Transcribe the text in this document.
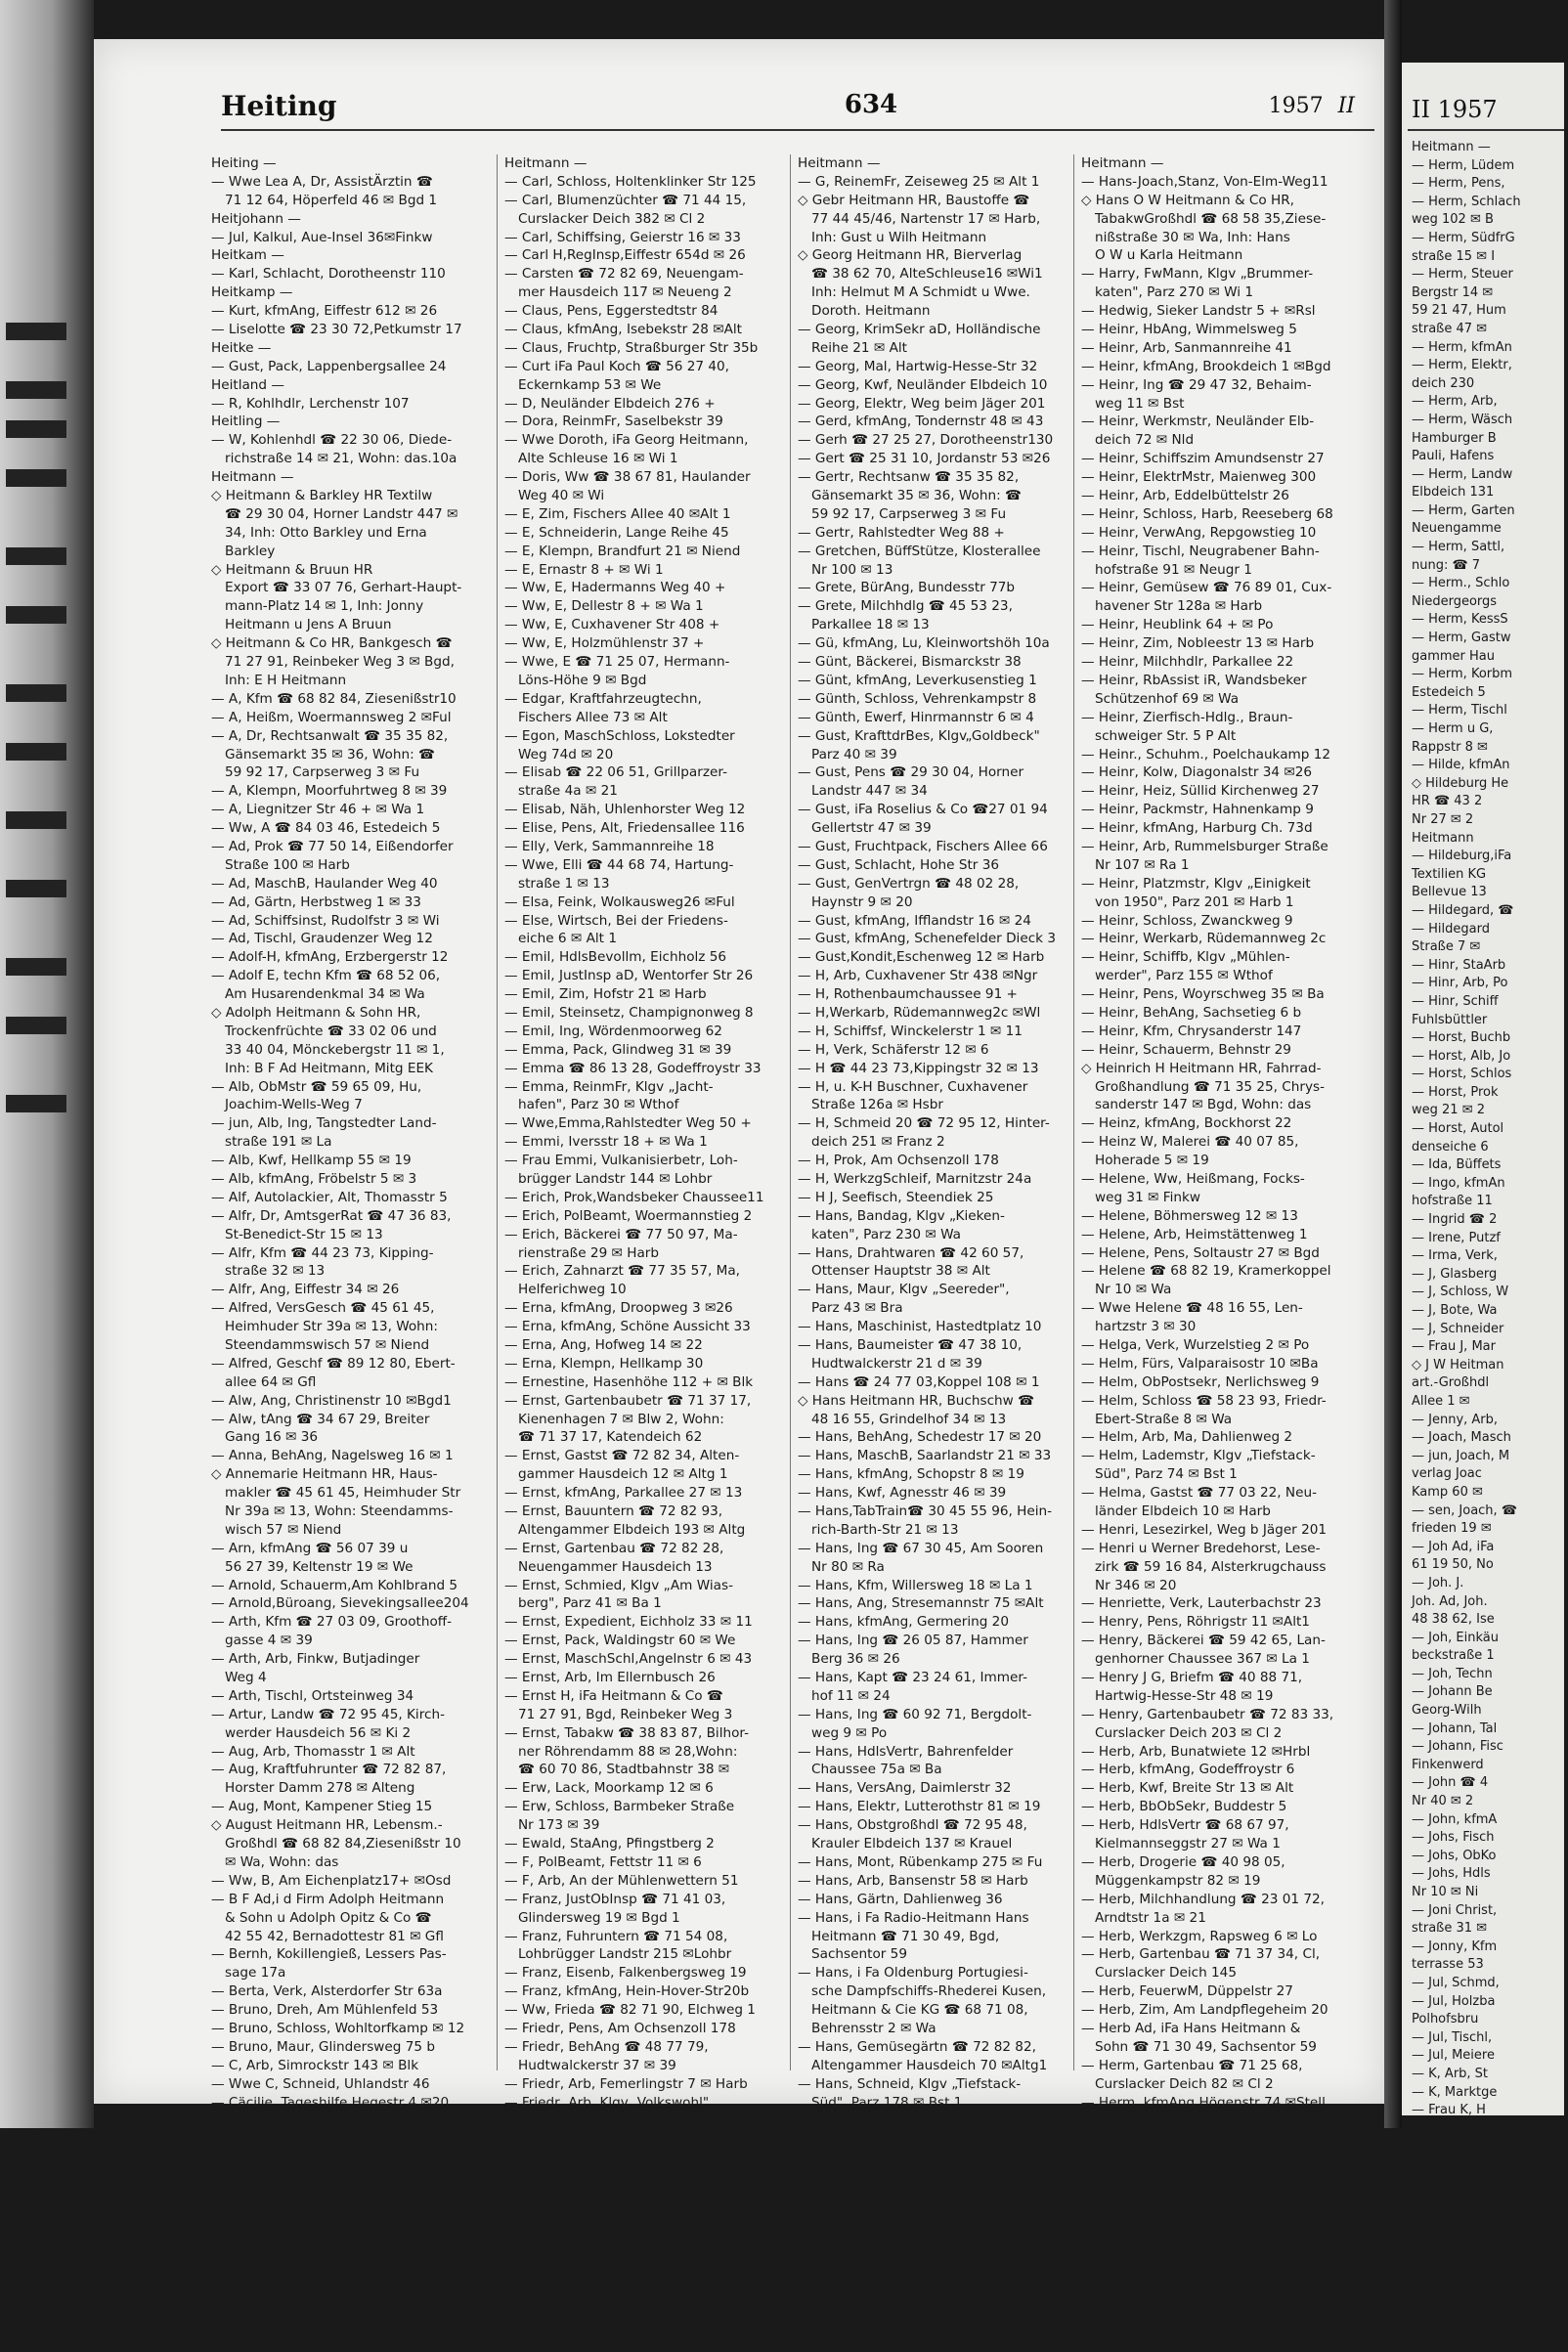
Heiting	634	1957 II
Heiting —
— Wwe Lea A, Dr, AssistÄrztin ☎
71 12 64, Höperfeld 46 ✉ Bgd 1
Heitjohann —
— Jul, Kalkul, Aue-Insel 36✉Finkw
Heitkam —
— Karl, Schlacht, Dorotheenstr 110
Heitkamp —
— Kurt, kfmAng, Eiffestr 612 ✉ 26
— Liselotte ☎ 23 30 72,Petkumstr 17
Heitke —
— Gust, Pack, Lappenbergsallee 24
Heitland —
— R, Kohlhdlr, Lerchenstr 107
Heitling —
— W, Kohlenhdl ☎ 22 30 06, Diede-
richstraße 14 ✉ 21, Wohn: das.10a
Heitmann —
◇ Heitmann & Barkley HR Textilw
☎ 29 30 04, Horner Landstr 447 ✉
34, Inh: Otto Barkley und Erna
Barkley
◇ Heitmann & Bruun HR
Export ☎ 33 07 76, Gerhart-Haupt-
mann-Platz 14 ✉ 1, Inh: Jonny
Heitmann u Jens A Bruun
◇ Heitmann & Co HR, Bankgesch ☎
71 27 91, Reinbeker Weg 3 ✉ Bgd,
Inh: E H Heitmann
— A, Kfm ☎ 68 82 84, Ziesenißstr10
— A, Heißm, Woermannsweg 2 ✉Ful
— A, Dr, Rechtsanwalt ☎ 35 35 82,
Gänsemarkt 35 ✉ 36, Wohn: ☎
59 92 17, Carpserweg 3 ✉ Fu
— A, Klempn, Moorfuhrtweg 8 ✉ 39
— A, Liegnitzer Str 46 + ✉ Wa 1
— Ww, A ☎ 84 03 46, Estedeich 5
— Ad, Prok ☎ 77 50 14, Eißendorfer
Straße 100 ✉ Harb
— Ad, MaschB, Haulander Weg 40
— Ad, Gärtn, Herbstweg 1 ✉ 33
— Ad, Schiffsinst, Rudolfstr 3 ✉ Wi
— Ad, Tischl, Graudenzer Weg 12
— Adolf-H, kfmAng, Erzbergerstr 12
— Adolf E, techn Kfm ☎ 68 52 06,
Am Husarendenkmal 34 ✉ Wa
◇ Adolph Heitmann & Sohn HR,
Trockenfrüchte ☎ 33 02 06 und
33 40 04, Mönckebergstr 11 ✉ 1,
Inh: B F Ad Heitmann, Mitg EEK
— Alb, ObMstr ☎ 59 65 09, Hu,
Joachim-Wells-Weg 7
— jun, Alb, Ing, Tangstedter Land-
straße 191 ✉ La
— Alb, Kwf, Hellkamp 55 ✉ 19
— Alb, kfmAng, Fröbelstr 5 ✉ 3
— Alf, Autolackier, Alt, Thomasstr 5
— Alfr, Dr, AmtsgerRat ☎ 47 36 83,
St-Benedict-Str 15 ✉ 13
— Alfr, Kfm ☎ 44 23 73, Kipping-
straße 32 ✉ 13
— Alfr, Ang, Eiffestr 34 ✉ 26
— Alfred, VersGesch ☎ 45 61 45,
Heimhuder Str 39a ✉ 13, Wohn:
Steendammswisch 57 ✉ Niend
— Alfred, Geschf ☎ 89 12 80, Ebert-
allee 64 ✉ Gfl
— Alw, Ang, Christinenstr 10 ✉Bgd1
— Alw, tAng ☎ 34 67 29, Breiter
Gang 16 ✉ 36
— Anna, BehAng, Nagelsweg 16 ✉ 1
◇ Annemarie Heitmann HR, Haus-
makler ☎ 45 61 45, Heimhuder Str
Nr 39a ✉ 13, Wohn: Steendamms-
wisch 57 ✉ Niend
— Arn, kfmAng ☎ 56 07 39 u
56 27 39, Keltenstr 19 ✉ We
— Arnold, Schauerm,Am Kohlbrand 5
— Arnold,Büroang, Sievekingsallee204
— Arth, Kfm ☎ 27 03 09, Groothoff-
gasse 4 ✉ 39
— Arth, Arb, Finkw, Butjadinger
Weg 4
— Arth, Tischl, Ortsteinweg 34
— Artur, Landw ☎ 72 95 45, Kirch-
werder Hausdeich 56 ✉ Ki 2
— Aug, Arb, Thomasstr 1 ✉ Alt
— Aug, Kraftfuhrunter ☎ 72 82 87,
Horster Damm 278 ✉ Alteng
— Aug, Mont, Kampener Stieg 15
◇ August Heitmann HR, Lebensm.-
Großhdl ☎ 68 82 84,Ziesenißstr 10
✉ Wa, Wohn: das
— Ww, B, Am Eichenplatz17+ ✉Osd
— B F Ad,i d Firm Adolph Heitmann
& Sohn u Adolph Opitz & Co ☎
42 55 42, Bernadottestr 81 ✉ Gfl
— Bernh, Kokillengieß, Lessers Pas-
sage 17a
— Berta, Verk, Alsterdorfer Str 63a
— Bruno, Dreh, Am Mühlenfeld 53
— Bruno, Schloss, Wohltorfkamp ✉ 12
— Bruno, Maur, Glindersweg 75 b
— C, Arb, Simrockstr 143 ✉ Blk
— Wwe C, Schneid, Uhlandstr 46
— Cäcilie, Tageshilfe,Heqestr 4 ✉20
— Cäcilie, Arb, Lassallestr 2 ✉ Harb
— Caesar ☎ 86 33 76, Blankeneser
Hauptstr 57 ✉ Blk
— Carl, kfmAng ☎ 27 03 41,Wiesen-
damm 156 ✉ 39
— Carl, Schlacht. Großheidestr 26
— Carl, Kelln, Lutterothstr 99 ✉ 19
— Carl, Klempnermstr ☎ 22 19 68,
Erlenkamp 10 ✉ 22
— jun, Carl, tAng, Großheidestr 26
— Carl, Straßbahnang, Hellbrookstr 17
Heitmann —
— Carl, Schloss, Holtenklinker Str 125
— Carl, Blumenzüchter ☎ 71 44 15,
Curslacker Deich 382 ✉ Cl 2
— Carl, Schiffsing, Geierstr 16 ✉ 33
— Carl H,RegInsp,Eiffestr 654d ✉ 26
— Carsten ☎ 72 82 69, Neuengam-
mer Hausdeich 117 ✉ Neueng 2
— Claus, Pens, Eggerstedtstr 84
— Claus, kfmAng, Isebekstr 28 ✉Alt
— Claus, Fruchtp, Straßburger Str 35b
— Curt iFa Paul Koch ☎ 56 27 40,
Eckernkamp 53 ✉ We
— D, Neuländer Elbdeich 276 +
— Dora, ReinmFr, Saselbekstr 39
— Wwe Doroth, iFa Georg Heitmann,
Alte Schleuse 16 ✉ Wi 1
— Doris, Ww ☎ 38 67 81, Haulander
Weg 40 ✉ Wi
— E, Zim, Fischers Allee 40 ✉Alt 1
— E, Schneiderin, Lange Reihe 45
— E, Klempn, Brandfurt 21 ✉ Niend
— E, Ernastr 8 + ✉ Wi 1
— Ww, E, Hadermanns Weg 40 +
— Ww, E, Dellestr 8 + ✉ Wa 1
— Ww, E, Cuxhavener Str 408 +
— Ww, E, Holzmühlenstr 37 +
— Wwe, E ☎ 71 25 07, Hermann-
Löns-Höhe 9 ✉ Bgd
— Edgar, Kraftfahrzeugtechn,
Fischers Allee 73 ✉ Alt
— Egon, MaschSchloss, Lokstedter
Weg 74d ✉ 20
— Elisab ☎ 22 06 51, Grillparzer-
straße 4a ✉ 21
— Elisab, Näh, Uhlenhorster Weg 12
— Elise, Pens, Alt, Friedensallee 116
— Elly, Verk, Sammannreihe 18
— Wwe, Elli ☎ 44 68 74, Hartung-
straße 1 ✉ 13
— Elsa, Feink, Wolkausweg26 ✉Ful
— Else, Wirtsch, Bei der Friedens-
eiche 6 ✉ Alt 1
— Emil, HdlsBevollm, Eichholz 56
— Emil, JustInsp aD, Wentorfer Str 26
— Emil, Zim, Hofstr 21 ✉ Harb
— Emil, Steinsetz, Champignonweg 8
— Emil, Ing, Wördenmoorweg 62
— Emma, Pack, Glindweg 31 ✉ 39
— Emma ☎ 86 13 28, Godeffroystr 33
— Emma, ReinmFr, Klgv „Jacht-
hafen", Parz 30 ✉ Wthof
— Wwe,Emma,Rahlstedter Weg 50 +
— Emmi, Iversstr 18 + ✉ Wa 1
— Frau Emmi, Vulkanisierbetr, Loh-
brügger Landstr 144 ✉ Lohbr
— Erich, Prok,Wandsbeker Chaussee11
— Erich, PolBeamt, Woermannstieg 2
— Erich, Bäckerei ☎ 77 50 97, Ma-
rienstraße 29 ✉ Harb
— Erich, Zahnarzt ☎ 77 35 57, Ma,
Helferichweg 10
— Erna, kfmAng, Droopweg 3 ✉26
— Erna, kfmAng, Schöne Aussicht 33
— Erna, Ang, Hofweg 14 ✉ 22
— Erna, Klempn, Hellkamp 30
— Ernestine, Hasenhöhe 112 + ✉ Blk
— Ernst, Gartenbaubetr ☎ 71 37 17,
Kienenhagen 7 ✉ Blw 2, Wohn:
☎ 71 37 17, Katendeich 62
— Ernst, Gastst ☎ 72 82 34, Alten-
gammer Hausdeich 12 ✉ Altg 1
— Ernst, kfmAng, Parkallee 27 ✉ 13
— Ernst, Bauuntern ☎ 72 82 93,
Altengammer Elbdeich 193 ✉ Altg
— Ernst, Gartenbau ☎ 72 82 28,
Neuengammer Hausdeich 13
— Ernst, Schmied, Klgv „Am Wias-
berg", Parz 41 ✉ Ba 1
— Ernst, Expedient, Eichholz 33 ✉ 11
— Ernst, Pack, Waldingstr 60 ✉ We
— Ernst, MaschSchl,Angelnstr 6 ✉ 43
— Ernst, Arb, Im Ellernbusch 26
— Ernst H, iFa Heitmann & Co ☎
71 27 91, Bgd, Reinbeker Weg 3
— Ernst, Tabakw ☎ 38 83 87, Bilhor-
ner Röhrendamm 88 ✉ 28,Wohn:
☎ 60 70 86, Stadtbahnstr 38 ✉
— Erw, Lack, Moorkamp 12 ✉ 6
— Erw, Schloss, Barmbeker Straße
Nr 173 ✉ 39
— Ewald, StaAng, Pfingstberg 2
— F, PolBeamt, Fettstr 11 ✉ 6
— F, Arb, An der Mühlenwettern 51
— Franz, JustObInsp ☎ 71 41 03,
Glindersweg 19 ✉ Bgd 1
— Franz, Fuhruntern ☎ 71 54 08,
Lohbrügger Landstr 215 ✉Lohbr
— Franz, Eisenb, Falkenbergsweg 19
— Franz, kfmAng, Hein-Hover-Str20b
— Ww, Frieda ☎ 82 71 90, Elchweg 1
— Friedr, Pens, Am Ochsenzoll 178
— Friedr, BehAng ☎ 48 77 79,
Hudtwalckerstr 37 ✉ 39
— Friedr, Arb, Femerlingstr 7 ✉ Harb
— Friedr, Arb, Klgv „Volkswohl",
Parz 3 ✉ Harb 1
— Friedrich, Dr, Wirtschaftsprüfer☎
32 62 67, Mönckebergstr 18 ✉ 1,
Wohn: ☎ 47 24 35, Willistr 14
— Friedrich-W, Tischl, Nordschles-
wiger Str 56 ✉ 43
— Fritz, kfmAng ☎ 45 18 78, Fröbel-
straße 5 ✉ 13
— Fritz, HöAng, Klgv „Natur-
freunde", Parz 22 ✉ Wa 1
— Fritz, Kaiarb, Sandweg 56
— G, kfmAng, Neuländer Elbdeich
Nr 10 ✉ Nld
Heitmann —
— G, ReinemFr, Zeiseweg 25 ✉ Alt 1
◇ Gebr Heitmann HR, Baustoffe ☎
77 44 45/46, Nartenstr 17 ✉ Harb,
Inh: Gust u Wilh Heitmann
◇ Georg Heitmann HR, Bierverlag
☎ 38 62 70, AlteSchleuse16 ✉Wi1
Inh: Helmut M A Schmidt u Wwe.
Doroth. Heitmann
— Georg, KrimSekr aD, Holländische
Reihe 21 ✉ Alt
— Georg, Mal, Hartwig-Hesse-Str 32
— Georg, Kwf, Neuländer Elbdeich 10
— Georg, Elektr, Weg beim Jäger 201
— Gerd, kfmAng, Tondernstr 48 ✉ 43
— Gerh ☎ 27 25 27, Dorotheenstr130
— Gert ☎ 25 31 10, Jordanstr 53 ✉26
— Gertr, Rechtsanw ☎ 35 35 82,
Gänsemarkt 35 ✉ 36, Wohn: ☎
59 92 17, Carpserweg 3 ✉ Fu
— Gertr, Rahlstedter Weg 88 +
— Gretchen, BüffStütze, Klosterallee
Nr 100 ✉ 13
— Grete, BürAng, Bundesstr 77b
— Grete, Milchhdlg ☎ 45 53 23,
Parkallee 18 ✉ 13
— Gü, kfmAng, Lu, Kleinwortshöh 10a
— Günt, Bäckerei, Bismarckstr 38
— Günt, kfmAng, Leverkusenstieg 1
— Günth, Schloss, Vehrenkampstr 8
— Günth, Ewerf, Hinrmannstr 6 ✉ 4
— Gust, KrafttdrBes, Klgv„Goldbeck"
Parz 40 ✉ 39
— Gust, Pens ☎ 29 30 04, Horner
Landstr 447 ✉ 34
— Gust, iFa Roselius & Co ☎27 01 94
Gellertstr 47 ✉ 39
— Gust, Fruchtpack, Fischers Allee 66
— Gust, Schlacht, Hohe Str 36
— Gust, GenVertrgn ☎ 48 02 28,
Haynstr 9 ✉ 20
— Gust, kfmAng, Ifflandstr 16 ✉ 24
— Gust, kfmAng, Schenefelder Dieck 3
— Gust,Kondit,Eschenweg 12 ✉ Harb
— H, Arb, Cuxhavener Str 438 ✉Ngr
— H, Rothenbaumchaussee 91 +
— H,Werkarb, Rüdemannweg2c ✉Wl
— H, Schiffsf, Winckelerstr 1 ✉ 11
— H, Verk, Schäferstr 12 ✉ 6
— H ☎ 44 23 73,Kippingstr 32 ✉ 13
— H, u. K-H Buschner, Cuxhavener
Straße 126a ✉ Hsbr
— H, Schmeid 20 ☎ 72 95 12, Hinter-
deich 251 ✉ Franz 2
— H, Prok, Am Ochsenzoll 178
— H, WerkzgSchleif, Marnitzstr 24a
— H J, Seefisch, Steendiek 25
— Hans, Bandag, Klgv „Kieken-
katen", Parz 230 ✉ Wa
— Hans, Drahtwaren ☎ 42 60 57,
Ottenser Hauptstr 38 ✉ Alt
— Hans, Maur, Klgv „Seereder",
Parz 43 ✉ Bra
— Hans, Maschinist, Hastedtplatz 10
— Hans, Baumeister ☎ 47 38 10,
Hudtwalckerstr 21 d ✉ 39
— Hans ☎ 24 77 03,Koppel 108 ✉ 1
◇ Hans Heitmann HR, Buchschw ☎
48 16 55, Grindelhof 34 ✉ 13
— Hans, BehAng, Schedestr 17 ✉ 20
— Hans, MaschB, Saarlandstr 21 ✉ 33
— Hans, kfmAng, Schopstr 8 ✉ 19
— Hans, Kwf, Agnesstr 46 ✉ 39
— Hans,TabTrain☎ 30 45 55 96, Hein-
rich-Barth-Str 21 ✉ 13
— Hans, Ing ☎ 67 30 45, Am Sooren
Nr 80 ✉ Ra
— Hans, Kfm, Willersweg 18 ✉ La 1
— Hans, Ang, Stresemannstr 75 ✉Alt
— Hans, kfmAng, Germering 20
— Hans, Ing ☎ 26 05 87, Hammer
Berg 36 ✉ 26
— Hans, Kapt ☎ 23 24 61, Immer-
hof 11 ✉ 24
— Hans, Ing ☎ 60 92 71, Bergdolt-
weg 9 ✉ Po
— Hans, HdlsVertr, Bahrenfelder
Chaussee 75a ✉ Ba
— Hans, VersAng, Daimlerstr 32
— Hans, Elektr, Lutterothstr 81 ✉ 19
— Hans, Obstgroßhdl ☎ 72 95 48,
Krauler Elbdeich 137 ✉ Krauel
— Hans, Mont, Rübenkamp 275 ✉ Fu
— Hans, Arb, Bansenstr 58 ✉ Harb
— Hans, Gärtn, Dahlienweg 36
— Hans, i Fa Radio-Heitmann Hans
Heitmann ☎ 71 30 49, Bgd,
Sachsentor 59
— Hans, i Fa Oldenburg Portugiesi-
sche Dampfschiffs-Rhederei Kusen,
Heitmann & Cie KG ☎ 68 71 08,
Behrensstr 2 ✉ Wa
— Hans, Gemüsegärtn ☎ 72 82 82,
Altengammer Hausdeich 70 ✉Altg1
— Hans, Schneid, Klgv „Tiefstack-
Süd", Parz 178 ✉ Bst 1
◇ Hans Heitmann & Sohn HR, Rund-
funk-Großhdl ☎ 71 30 49, Sach-
sentor 59 ✉ Bgd, Inh: Hans-Günter
Heitmann u Herb Ad Heitmann
— Hans, Arb, Fahrenweg 24
— Hans, Ang, Wittkamp 11
— Hans, Bauhof ☎ 66 74 51,
Ernst-Albers-Str 20 ✉ 26
— Hans-Gerhard, ExpKfm ☎ 59 53 76,
Ratsmühlendamm 26 ✉ Fu
— Hans, Günth, iFa Hans Heitmann
& Sohn ☎ 71 30 49, Sachsentor 59
Heitmann —
— Hans-Joach,Stanz, Von-Elm-Weg11
◇ Hans O W Heitmann & Co HR,
TabakwGroßhdl ☎ 68 58 35,Ziese-
nißstraße 30 ✉ Wa, Inh: Hans
O W u Karla Heitmann
— Harry, FwMann, Klgv „Brummer-
katen", Parz 270 ✉ Wi 1
— Hedwig, Sieker Landstr 5 + ✉Rsl
— Heinr, HbAng, Wimmelsweg 5
— Heinr, Arb, Sanmannreihe 41
— Heinr, kfmAng, Brookdeich 1 ✉Bgd
— Heinr, Ing ☎ 29 47 32, Behaim-
weg 11 ✉ Bst
— Heinr, Werkmstr, Neuländer Elb-
deich 72 ✉ Nld
— Heinr, Schiffszim Amundsenstr 27
— Heinr, ElektrMstr, Maienweg 300
— Heinr, Arb, Eddelbüttelstr 26
— Heinr, Schloss, Harb, Reeseberg 68
— Heinr, VerwAng, Repgowstieg 10
— Heinr, Tischl, Neugrabener Bahn-
hofstraße 91 ✉ Neugr 1
— Heinr, Gemüsew ☎ 76 89 01, Cux-
havener Str 128a ✉ Harb
— Heinr, Heublink 64 + ✉ Po
— Heinr, Zim, Nobleestr 13 ✉ Harb
— Heinr, Milchhdlr, Parkallee 22
— Heinr, RbAssist iR, Wandsbeker
Schützenhof 69 ✉ Wa
— Heinr, Zierfisch-Hdlg., Braun-
schweiger Str. 5 P Alt
— Heinr., Schuhm., Poelchaukamp 12
— Heinr, Kolw, Diagonalstr 34 ✉26
— Heinr, Heiz, Süllid Kirchenweg 27
— Heinr, Packmstr, Hahnenkamp 9
— Heinr, kfmAng, Harburg Ch. 73d
— Heinr, Arb, Rummelsburger Straße
Nr 107 ✉ Ra 1
— Heinr, Platzmstr, Klgv „Einigkeit
von 1950", Parz 201 ✉ Harb 1
— Heinr, Schloss, Zwanckweg 9
— Heinr, Werkarb, Rüdemannweg 2c
— Heinr, Schiffb, Klgv „Mühlen-
werder", Parz 155 ✉ Wthof
— Heinr, Pens, Woyrschweg 35 ✉ Ba
— Heinr, BehAng, Sachsetieg 6 b
— Heinr, Kfm, Chrysanderstr 147
— Heinr, Schauerm, Behnstr 29
◇ Heinrich H Heitmann HR, Fahrrad-
Großhandlung ☎ 71 35 25, Chrys-
sanderstr 147 ✉ Bgd, Wohn: das
— Heinz, kfmAng, Bockhorst 22
— Heinz W, Malerei ☎ 40 07 85,
Hoherade 5 ✉ 19
— Helene, Ww, Heißmang, Focks-
weg 31 ✉ Finkw
— Helene, Böhmersweg 12 ✉ 13
— Helene, Arb, Heimstättenweg 1
— Helene, Pens, Soltaustr 27 ✉ Bgd
— Helene ☎ 68 82 19, Kramerkoppel
Nr 10 ✉ Wa
— Wwe Helene ☎ 48 16 55, Len-
hartzstr 3 ✉ 30
— Helga, Verk, Wurzelstieg 2 ✉ Po
— Helm, Fürs, Valparaisostr 10 ✉Ba
— Helm, ObPostsekr, Nerlichsweg 9
— Helm, Schloss ☎ 58 23 93, Friedr-
Ebert-Straße 8 ✉ Wa
— Helm, Arb, Ma, Dahlienweg 2
— Helm, Lademstr, Klgv „Tiefstack-
Süd", Parz 74 ✉ Bst 1
— Helma, Gastst ☎ 77 03 22, Neu-
länder Elbdeich 10 ✉ Harb
— Henri, Lesezirkel, Weg b Jäger 201
— Henri u Werner Bredehorst, Lese-
zirk ☎ 59 16 84, Alsterkrugchauss
Nr 346 ✉ 20
— Henriette, Verk, Lauterbachstr 23
— Henry, Pens, Röhrigstr 11 ✉Alt1
— Henry, Bäckerei ☎ 59 42 65, Lan-
genhorner Chaussee 367 ✉ La 1
— Henry J G, Briefm ☎ 40 88 71,
Hartwig-Hesse-Str 48 ✉ 19
— Henry, Gartenbaubetr ☎ 72 83 33,
Curslacker Deich 203 ✉ Cl 2
— Herb, Arb, Bunatwiete 12 ✉Hrbl
— Herb, kfmAng, Godeffroystr 6
— Herb, Kwf, Breite Str 13 ✉ Alt
— Herb, BbObSekr, Buddestr 5
— Herb, HdlsVertr ☎ 68 67 97,
Kielmannseggstr 27 ✉ Wa 1
— Herb, Drogerie ☎ 40 98 05,
Müggenkampstr 82 ✉ 19
— Herb, Milchhandlung ☎ 23 01 72,
Arndtstr 1a ✉ 21
— Herb, Werkzgm, Rapsweg 6 ✉ Lo
— Herb, Gartenbau ☎ 71 37 34, Cl,
Curslacker Deich 145
— Herb, FeuerwM, Düppelstr 27
— Herb, Zim, Am Landpflegeheim 20
— Herb Ad, iFa Hans Heitmann &
Sohn ☎ 71 30 49, Sachsentor 59
— Herm, Gartenbau ☎ 71 25 68,
Curslacker Deich 82 ✉ Cl 2
— Herm, kfmAng,Högenstr 74 ✉Stell
— Herm, Buch, Käthnerort 67 ✉ 21
— Herm, Schloss, Nettelnburger
straße 177 ✉ Bgd
— Herm, SchiffbTechn, Rellinger Str 35
— Herm, Trainer ☎ 47 67 05, Sierich-
straße 172 ✉ 39
— Herm, Monteur, Soltaustr 10
— Herm ☎ 72 94 74, Süderquerweg
308 ✉ Ki 7
— Herm, Exped, Bahrenfelder
Steindamm 67 ✉ Alt
II 1957
Heitmann —
— Herm, Lüdem
— Herm, Pens,
— Herm, Schlach
weg 102 ✉ B
— Herm, SüdfrG
straße 15 ✉ I
— Herm, Steuer
Bergstr 14 ✉
59 21 47, Hum
straße 47 ✉
— Herm, kfmAn
— Herm, Elektr,
deich 230
— Herm, Arb,
— Herm, Wäsch
Hamburger B
Pauli, Hafens
— Herm, Landw
Elbdeich 131
— Herm, Garten
Neuengamme
— Herm, Sattl,
nung: ☎ 7
— Herm., Schlo
Niedergeorgs
— Herm, KessS
— Herm, Gastw
gammer Hau
— Herm, Korbm
Estedeich 5
— Herm, Tischl
— Herm u G,
Rappstr 8 ✉
— Hilde, kfmAn
◇ Hildeburg He
HR ☎ 43 2
Nr 27 ✉ 2
Heitmann
— Hildeburg,iFa
Textilien KG
Bellevue 13
— Hildegard, ☎
— Hildegard
Straße 7 ✉
— Hinr, StaArb
— Hinr, Arb, Po
— Hinr, Schiff
Fuhlsbüttler
— Horst, Buchb
— Horst, Alb, Jo
— Horst, Schlos
— Horst, Prok
weg 21 ✉ 2
— Horst, Autol
denseiche 6
— Ida, Büffets
— Ingo, kfmAn
hofstraße 11
— Ingrid ☎ 2
— Irene, Putzf
— Irma, Verk,
— J, Glasberg
— J, Schloss, W
— J, Bote, Wa
— J, Schneider
— Frau J, Mar
◇ J W Heitman
art.-Großhdl
Allee 1 ✉
— Jenny, Arb,
— Joach, Masch
— jun, Joach, M
verlag Joac
Kamp 60 ✉
— sen, Joach, ☎
frieden 19 ✉
— Joh Ad, iFa
61 19 50, No
— Joh. J.
Joh. Ad, Joh.
48 38 62, Ise
— Joh, Einkäu
beckstraße 1
— Joh, Techn
— Johann Be
Georg-Wilh
— Johann, Tal
— Johann, Fisc
Finkenwerd
— John ☎ 4
Nr 40 ✉ 2
— John, kfmA
— Johs, Fisch
— Johs, ObKo
— Johs, Hdls
Nr 10 ✉ Ni
— Joni Christ,
straße 31 ✉
— Jonny, Kfm
terrasse 53
— Jul, Schmd,
— Jul, Holzba
Polhofsbru
— Jul, Tischl,
— Jul, Meiere
— K, Arb, St
— K, Marktge
— Frau K, H
Z 1 ✉
— K-W, Wils
— Käthe, Fuß
— Käthe, Ko
— Käthe, Ha
— Karl, Sch
Billst Haup
— Karl, kfmA
